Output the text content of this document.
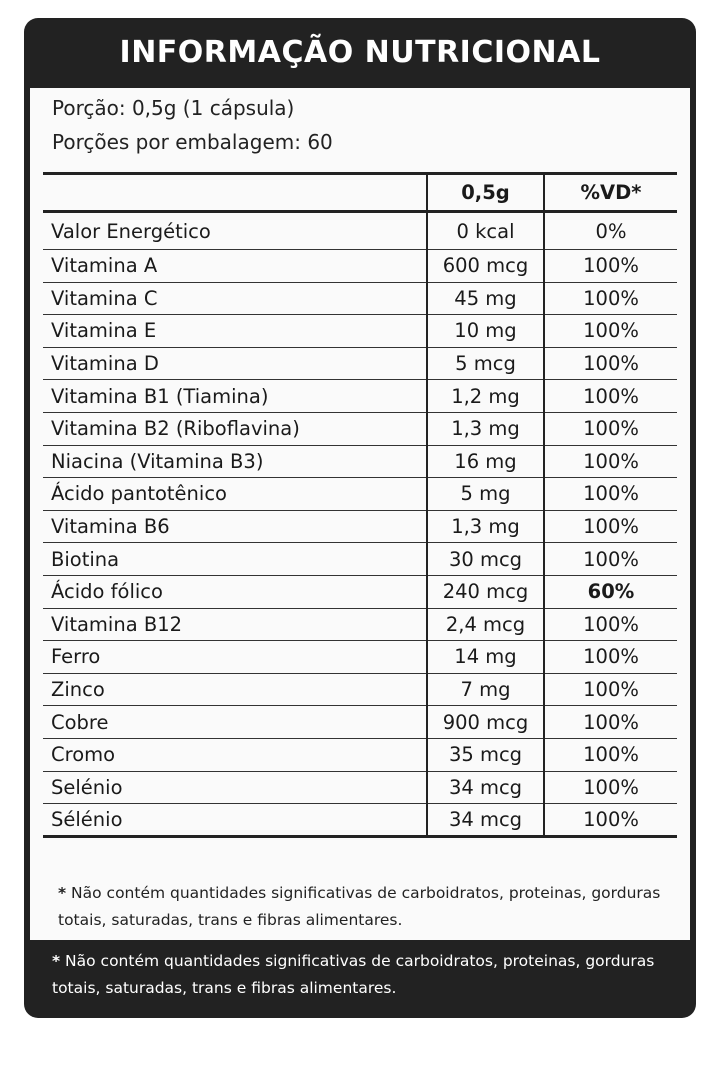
INFORMAÇÃO NUTRICIONAL
Porção: 0,5g (1 cápsula)
Porções por embalagem: 60
	0,5g	%VD*
Valor Energético	0 kcal	0%
Vitamina A	600 mcg	100%
Vitamina C	45 mg	100%
Vitamina E	10 mg	100%
Vitamina D	5 mcg	100%
Vitamina B1 (Tiamina)	1,2 mg	100%
Vitamina B2 (Riboflavina)	1,3 mg	100%
Niacina (Vitamina B3)	16 mg	100%
Ácido pantotênico	5 mg	100%
Vitamina B6	1,3 mg	100%
Biotina	30 mcg	100%
Ácido fólico	240 mcg	60%
Vitamina B12	2,4 mcg	100%
Ferro	14 mg	100%
Zinco	7 mg	100%
Cobre	900 mcg	100%
Cromo	35 mcg	100%
Selénio	34 mcg	100%
Sélénio	34 mcg	100%
* Não contém quantidades significativas de carboidratos, proteinas, gorduras totais, saturadas, trans e fibras alimentares.
* Não contém quantidades significativas de carboidratos, proteinas, gorduras totais, saturadas, trans e fibras alimentares.
